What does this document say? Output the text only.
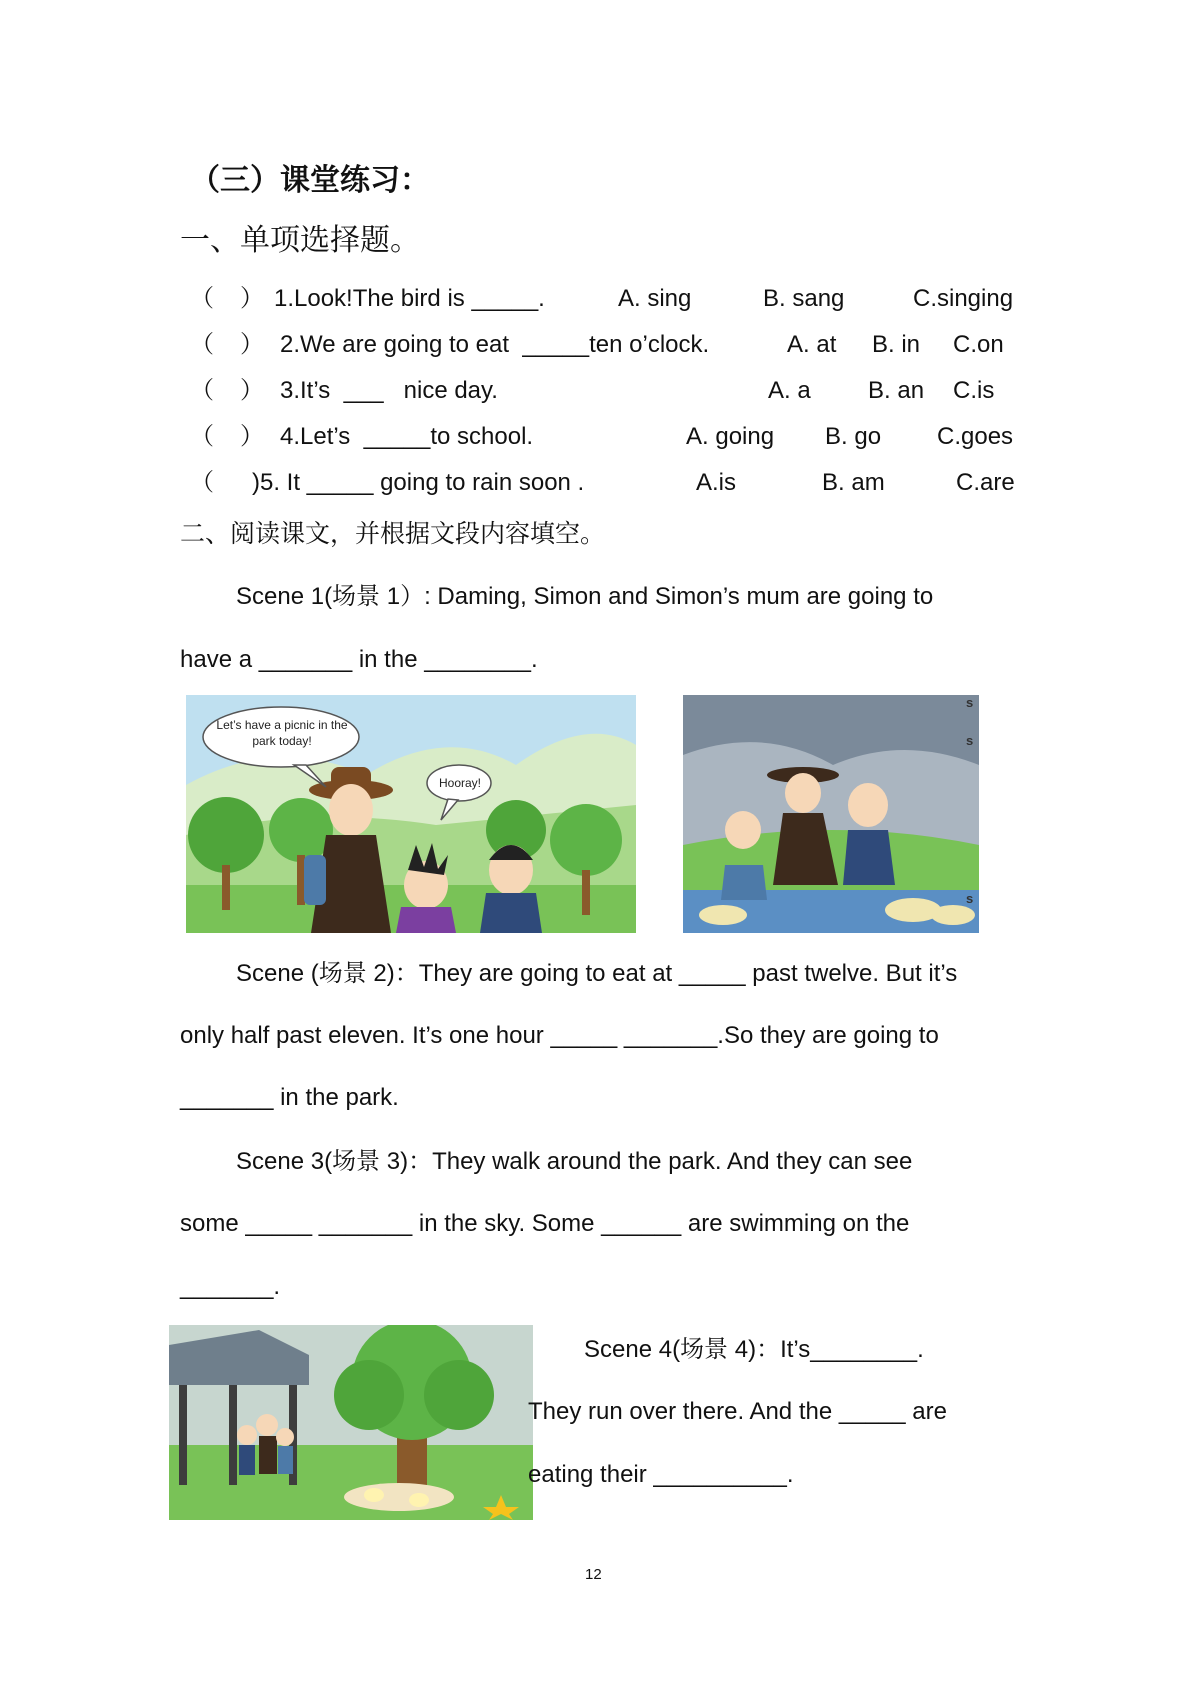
（三）课堂练习：
一、单项选择题。

（

）

1.Look!The bird is _____.

	A. sing

	B. sang

	C.singing

（

）

2.We are going to eat  _____ten o’clock.

	A. at

B. in

C.on

（

）

3.It’s  ___   nice day.

	A. a

B. an

C.is

（

）

4.Let’s  _____to school.

	A. going

B. go

C.goes

（

)5. It _____ going to rain soon .

	A.is

	B. am

	C.are

二、阅读课文，并根据文段内容填空。
Scene 1(场景 1）: Daming, Simon and Simon’s mum are going to
have a _______ in the ________.
Let’s have a picnic in the park today!
Hooray!
s
s
s
Scene (场景 2)：They are going to eat at _____ past twelve. But it’s
only half past eleven. It’s one hour _____ _______.So they are going to
_______ in the park.
Scene 3(场景 3)：They walk around the park. And they can see
some _____ _______ in the sky. Some ______ are swimming on the
_______.
Scene 4(场景 4)：It’s________.
They run over there. And the _____ are
eating their __________.
12
